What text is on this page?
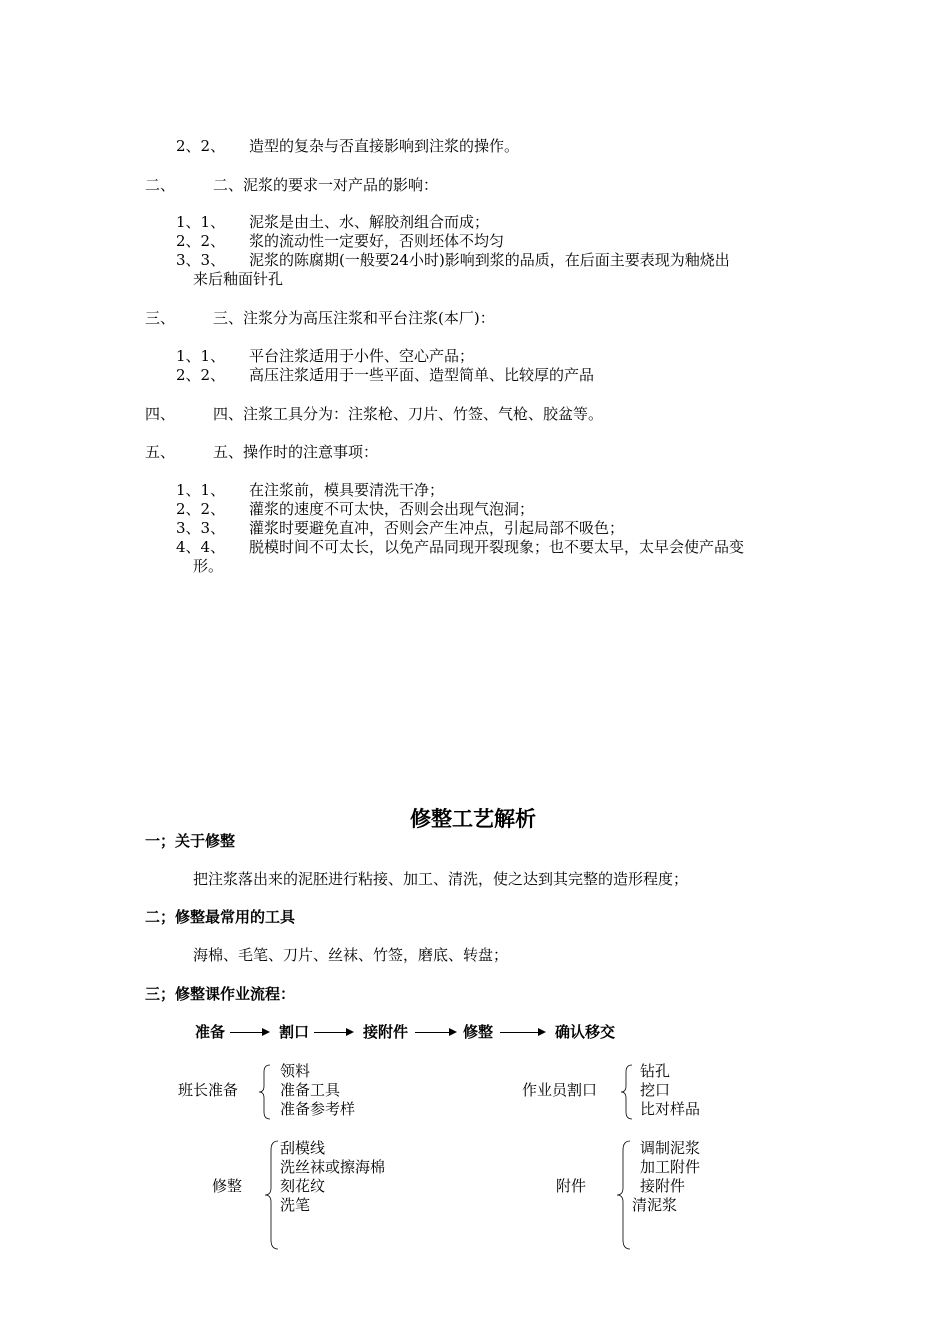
2、2、 造型的复杂与否直接影响到注浆的操作。
二、	二、泥浆的要求一对产品的影响：
1、1、 泥浆是由土、水、解胶剂组合而成；
2、2、 浆的流动性一定要好，否则坯体不均匀
3、3、 泥浆的陈腐期(一般要24小时)影响到浆的品质，在后面主要表现为釉烧出
来后釉面针孔
三、	三、注浆分为高压注浆和平台注浆(本厂)：
1、1、 平台注浆适用于小件、空心产品；
2、2、 高压注浆适用于一些平面、造型简单、比较厚的产品
四、	四、注浆工具分为：注浆枪、刀片、竹签、气枪、胶盆等。
五、	五、操作时的注意事项：
1、1、 在注浆前，模具要清洗干净；
2、2、 灌浆的速度不可太快，否则会出现气泡洞；
3、3、 灌浆时要避免直冲，否则会产生冲点，引起局部不吸色；
4、4、 脱模时间不可太长，以免产品同现开裂现象；也不要太早，太早会使产品变
形。
修整工艺解析
一；关于修整
把注浆落出来的泥胚进行粘接、加工、清洗，使之达到其完整的造形程度；
二；修整最常用的工具
海棉、毛笔、刀片、丝袜、竹签，磨底、转盘；
三；修整课作业流程：
准备	割口	接附件	修整	确认移交
班长准备
领料
准备工具
准备参考样
作业员割口
钻孔
挖口
比对样品
修整
刮模线
洗丝袜或擦海棉
刻花纹
洗笔
附件
调制泥浆
加工附件
接附件
清泥浆
